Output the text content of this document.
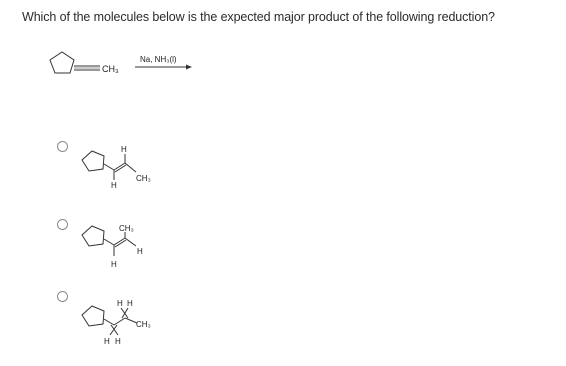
Which of the molecules below is the expected major product of the following reduction?
CH₃
Na, NH₃(l)
H
H
CH₃
CH₃
H
H
H H
CH₃
H H
